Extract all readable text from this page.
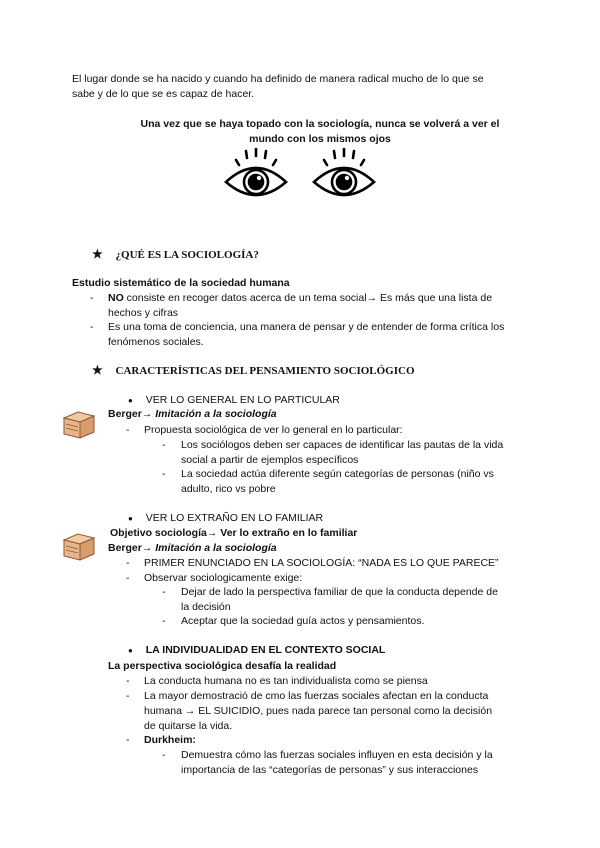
El lugar donde se ha nacido y cuando ha definido de manera radical mucho de lo que se
sabe y de lo que se es capaz de hacer.
Una vez que se haya topado con la sociología, nunca se volverá a ver el
mundo con los mismos ojos
★ ¿QUÉ ES LA SOCIOLOGÍA?
Estudio sistemático de la sociedad humana
- NO consiste en recoger datos acerca de un tema social→ Es más que una lista de
hechos y cifras
- Es una toma de conciencia, una manera de pensar y de entender de forma crítica los
fenómenos sociales.
★ CARACTERÍSTICAS DEL PENSAMIENTO SOCIOLÓGICO
● VER LO GENERAL EN LO PARTICULAR
Berger→ Imitación a la sociología
- Propuesta sociológica de ver lo general en lo particular:
- Los sociólogos deben ser capaces de identificar las pautas de la vida
social a partir de ejemplos específicos
- La sociedad actúa diferente según categorías de personas (niño vs
adulto, rico vs pobre
● VER LO EXTRAÑO EN LO FAMILIAR
Objetivo sociología→ Ver lo extraño en lo familiar
Berger→ Imitación a la sociología
- PRIMER ENUNCIADO EN LA SOCIOLOGÍA: “NADA ES LO QUE PARECE”
- Observar sociologicamente exige:
- Dejar de lado la perspectiva familiar de que la conducta depende de
la decisión
- Aceptar que la sociedad guía actos y pensamientos.
● LA INDIVIDUALIDAD EN EL CONTEXTO SOCIAL
La perspectiva sociológica desafía la realidad
- La conducta humana no es tan individualista como se piensa
- La mayor demostració de cmo las fuerzas sociales afectan en la conducta
humana → EL SUICIDIO, pues nada parece tan personal como la decisión
de quitarse la vida.
- Durkheim:
- Demuestra cómo las fuerzas sociales influyen en esta decisión y la
importancia de las “categorías de personas” y sus interacciones
